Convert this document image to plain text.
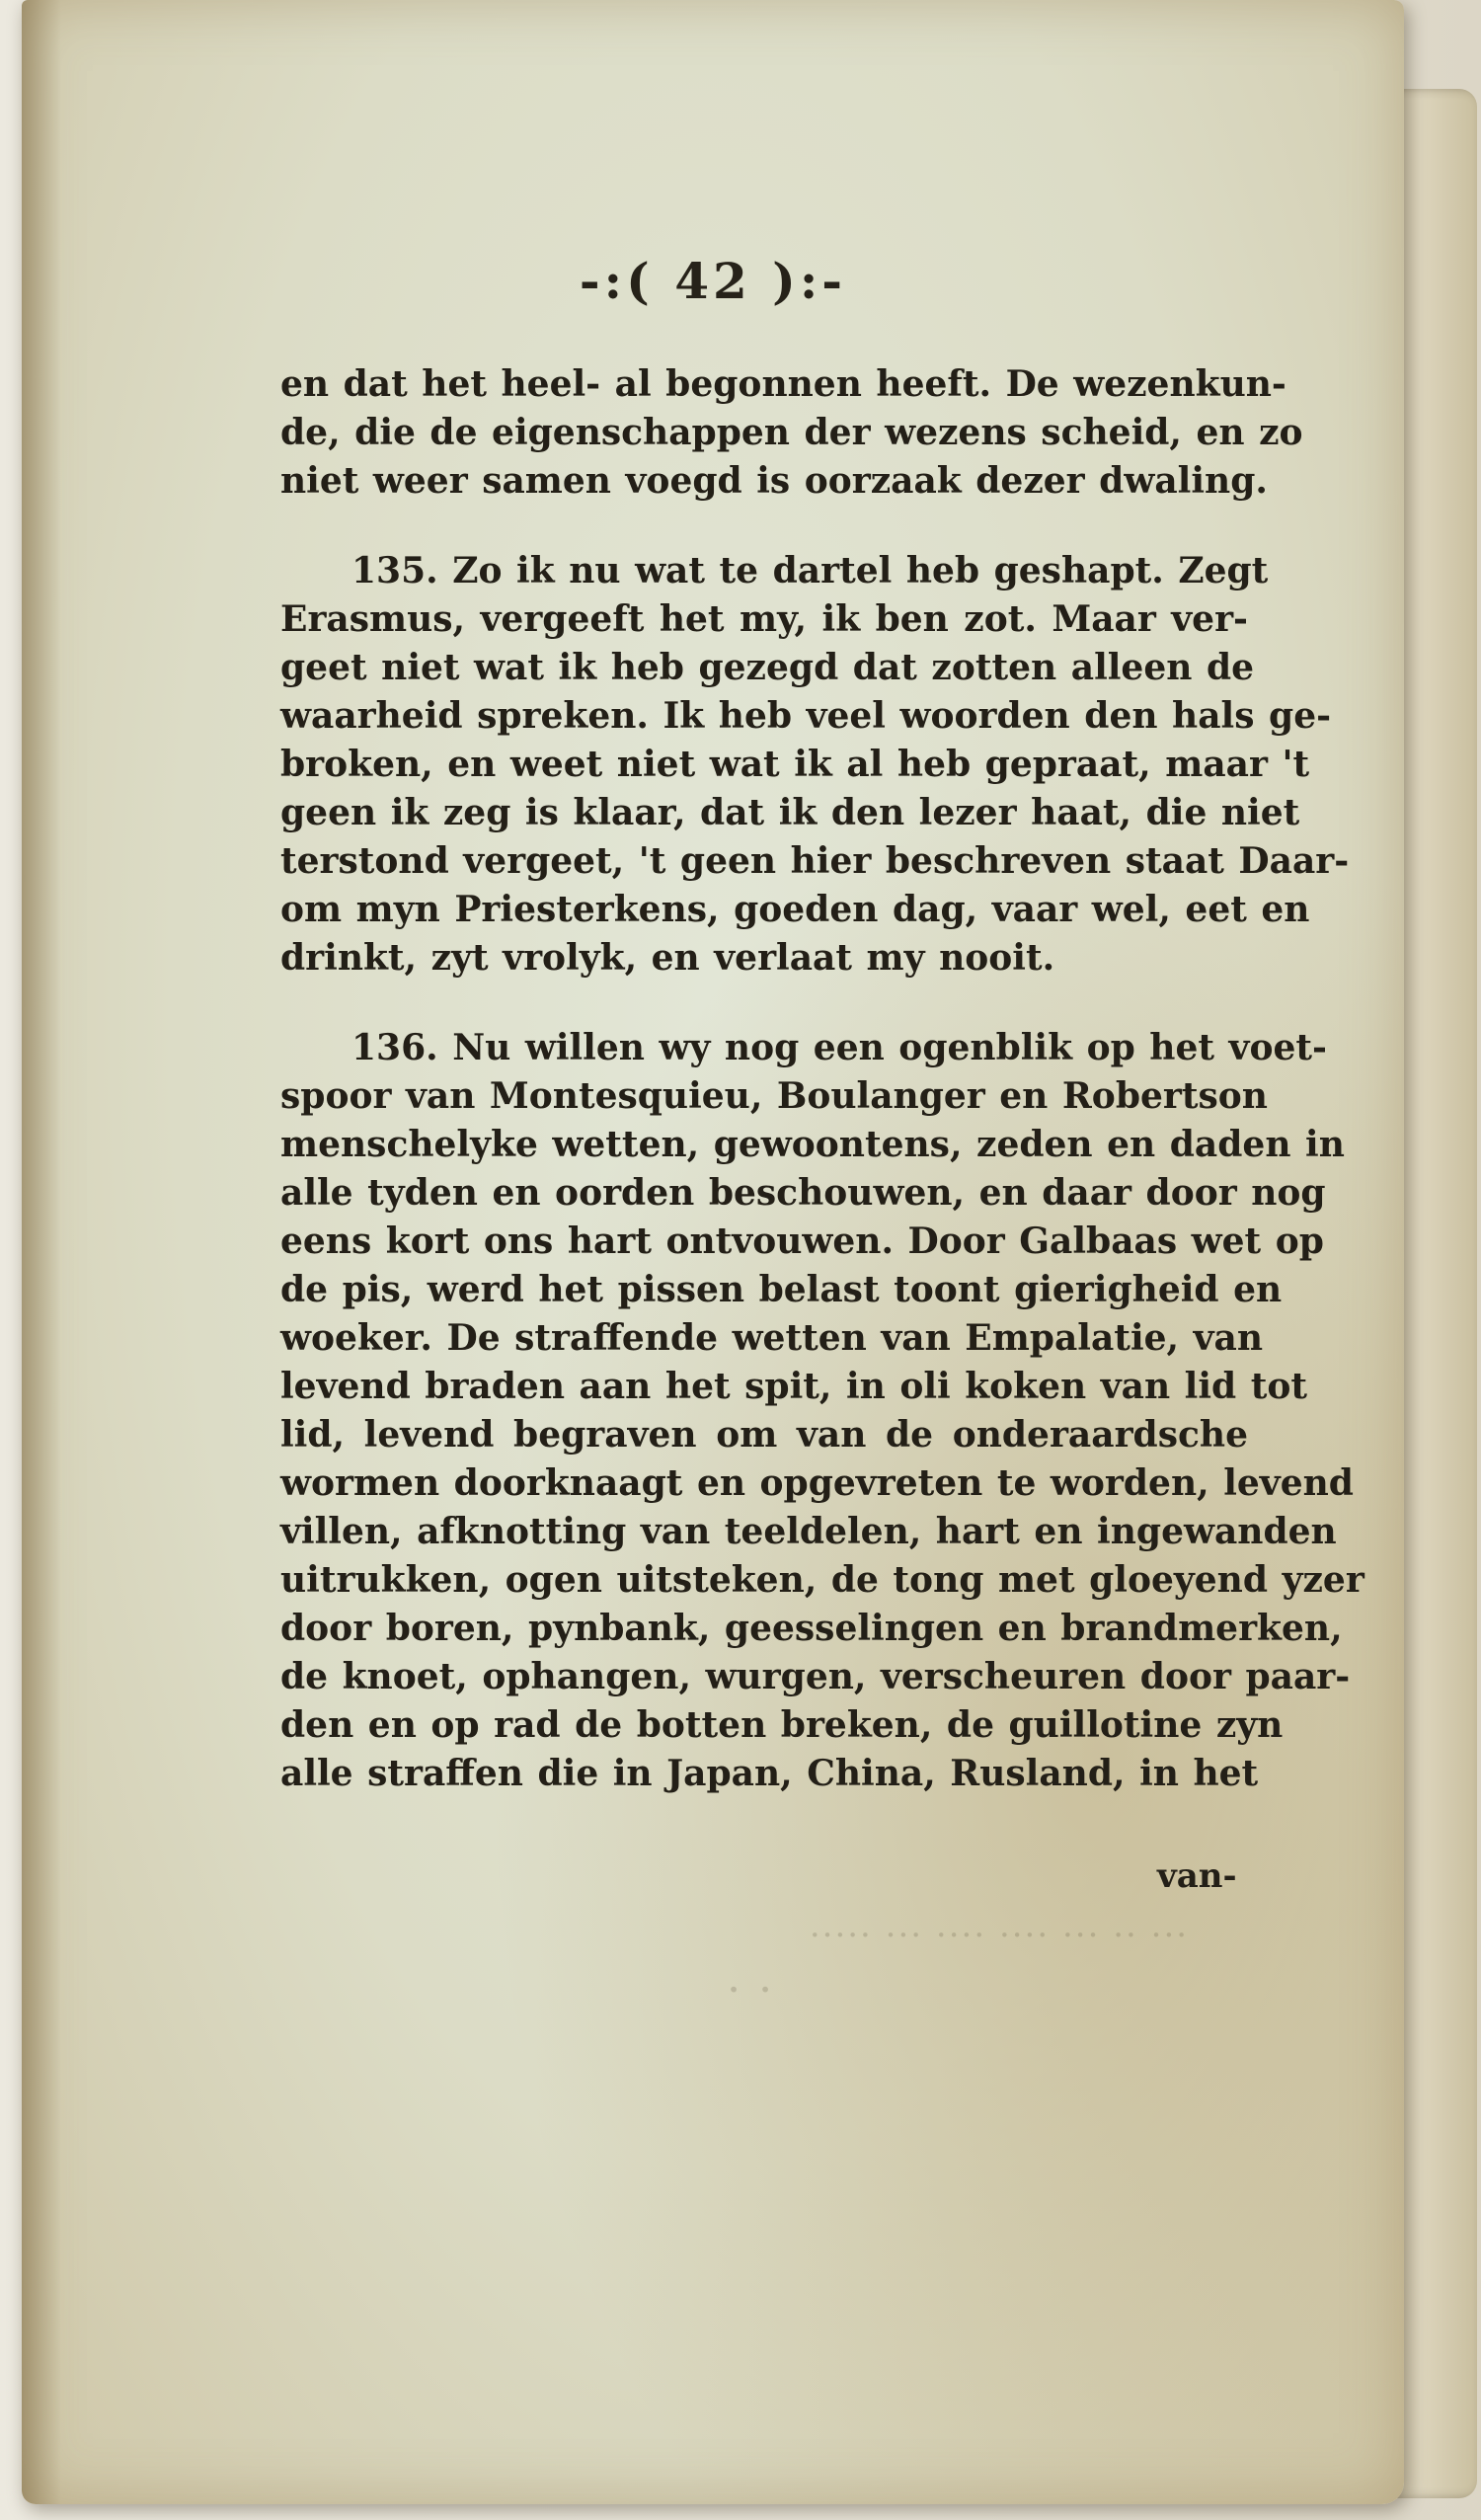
··· ·· ··· ···· ···· ··· ·····
· ·
-:( 42 ):-

en dat het heel- al begonnen heeft. De wezenkun-
de, die de eigenschappen der wezens scheid, en zo
niet weer samen voegd is oorzaak dezer dwaling.

135. Zo ik nu wat te dartel heb geshapt. Zegt
Erasmus, vergeeft het my, ik ben zot. Maar ver-
geet niet wat ik heb gezegd dat zotten alleen de
waarheid spreken. Ik heb veel woorden den hals ge-
broken, en weet niet wat ik al heb gepraat, maar 't
geen ik zeg is klaar, dat ik den lezer haat, die niet
terstond vergeet, 't geen hier beschreven staat Daar-
om myn Priesterkens, goeden dag, vaar wel, eet en
drinkt, zyt vrolyk, en verlaat my nooit.

136. Nu willen wy nog een ogenblik op het voet-
spoor van Montesquieu, Boulanger en Robertson
menschelyke wetten, gewoontens, zeden en daden in
alle tyden en oorden beschouwen, en daar door nog
eens kort ons hart ontvouwen. Door Galbaas wet op
de pis, werd het pissen belast toont gierigheid en
woeker. De straffende wetten van Empalatie, van
levend braden aan het spit, in oli koken van lid tot
lid, levend begraven om van de onderaardsche
wormen doorknaagt en opgevreten te worden, levend
villen, afknotting van teeldelen, hart en ingewanden
uitrukken, ogen uitsteken, de tong met gloeyend yzer
door boren, pynbank, geesselingen en brandmerken,
de knoet, ophangen, wurgen, verscheuren door paar-
den en op rad de botten breken, de guillotine zyn
alle straffen die in Japan, China, Rusland, in het

van-
